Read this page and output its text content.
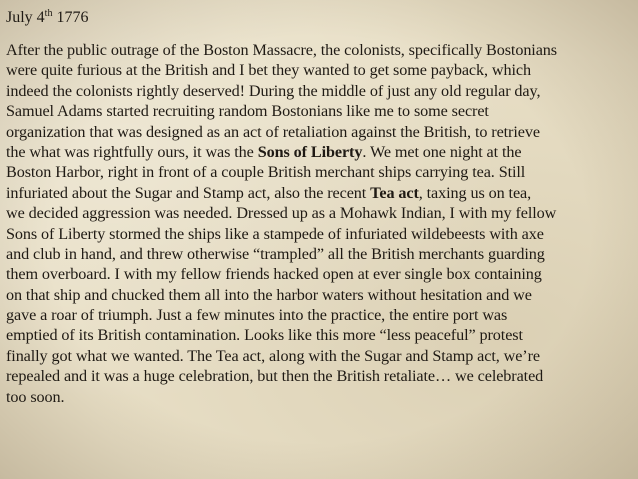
July 4th 1776
After the public outrage of the Boston Massacre, the colonists, specifically Bostonians
were quite furious at the British and I bet they wanted to get some payback, which
indeed the colonists rightly deserved! During the middle of just any old regular day,
Samuel Adams started recruiting random Bostonians like me to some secret
organization that was designed as an act of retaliation against the British, to retrieve
the what was rightfully ours, it was the Sons of Liberty. We met one night at the
Boston Harbor, right in front of a couple British merchant ships carrying tea. Still
infuriated about the Sugar and Stamp act, also the recent Tea act, taxing us on tea,
we decided aggression was needed. Dressed up as a Mohawk Indian, I with my fellow
Sons of Liberty stormed the ships like a stampede of infuriated wildebeests with axe
and club in hand, and threw otherwise “trampled” all the British merchants guarding
them overboard. I with my fellow friends hacked open at ever single box containing
on that ship and chucked them all into the harbor waters without hesitation and we
gave a roar of triumph. Just a few minutes into the practice, the entire port was
emptied of its British contamination. Looks like this more “less peaceful” protest
finally got what we wanted. The Tea act, along with the Sugar and Stamp act, we’re
repealed and it was a huge celebration, but then the British retaliate… we celebrated
too soon.
